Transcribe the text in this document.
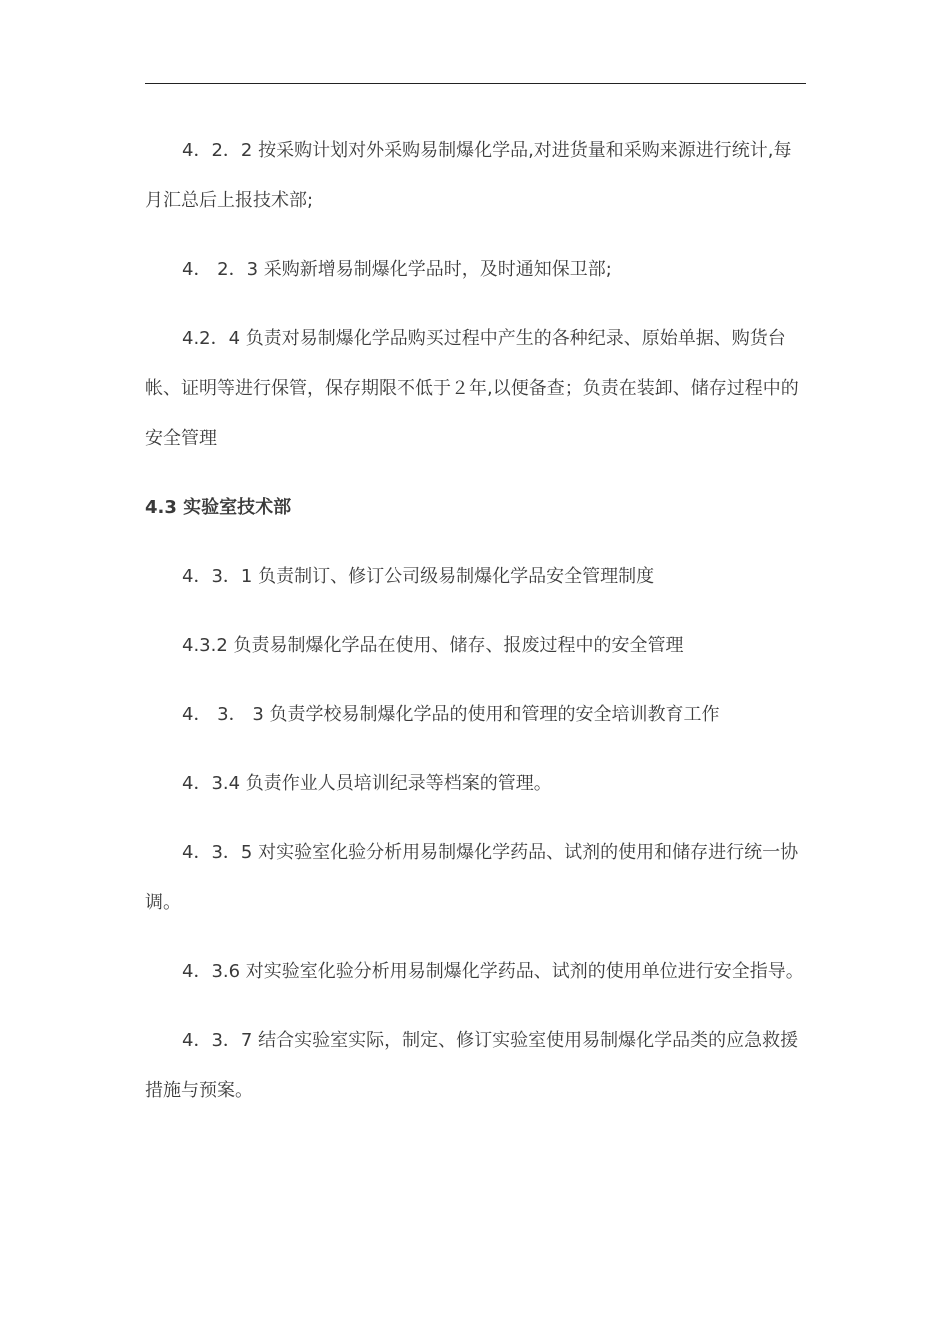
4．2．2 按采购计划对外采购易制爆化学品,对进货量和采购来源进行统计,每月汇总后上报技术部;

4． 2．3 采购新增易制爆化学品时，及时通知保卫部;

4.2．4 负责对易制爆化学品购买过程中产生的各种纪录、原始单据、购货台帐、证明等进行保管，保存期限不低于２年,以便备查；负责在装卸、储存过程中的安全管理

4.3 实验室技术部

4．3．1 负责制订、修订公司级易制爆化学品安全管理制度

4.3.2 负责易制爆化学品在使用、储存、报废过程中的安全管理

4． 3． 3 负责学校易制爆化学品的使用和管理的安全培训教育工作

4．3.4 负责作业人员培训纪录等档案的管理。

4．3．5 对实验室化验分析用易制爆化学药品、试剂的使用和储存进行统一协调。

4．3.6 对实验室化验分析用易制爆化学药品、试剂的使用单位进行安全指导。

4．3．7 结合实验室实际，制定、修订实验室使用易制爆化学品类的应急救援措施与预案。
